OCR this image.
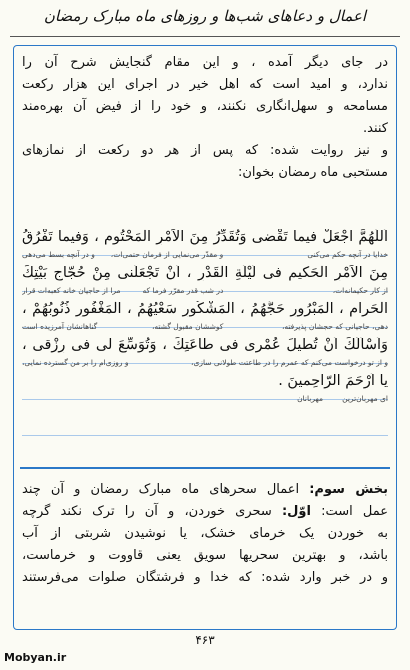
اعمال و دعاهای شب‌ها و روزهای ماه مبارک رمضان

در جای دیگر آمده ، و این مقام گنجایش شرح آن را

ندارد، و امید است که اهل خیر در اجرای این هزار رکعت

مسامحه و سهل‌انگاری نکنند، و خود را از فیض آن بهره‌مند

کنند.

و نیز روایت شده: که پس از هر دو رکعت از نمازهای

مستحبی ماه رمضان بخوان:

اَللّهُمَّ اجْعَلْ فیما تَقْضی وَتُقَدِّرُ مِنَ الاَمْرِ الْمَحْتُومِ ، وَفیما تَفْرُقُ
خدایا در آنچه حکم می‌کنی
و مقدّر می‌نمایی از فرمان حتمی‌ات،
و در آنچه بسط می‌دهی
مِنَ الاَمْرِ الْحَكیمِ فی لَیْلَةِ الْقَدْرِ ، اَنْ تَجْعَلَنی مِنْ حُجّاجِ بَیْتِكَ
از کار حکیمانه‌ات،
در شب قدر مقرّر فرما که
مرا از حاجیان خانه کعبه‌ات قرار
الْحَرامِ ، الْمَبْرُورِ حَجُّهُمُ ، الْمَشْكُورِ سَعْیُهُمُ ، الْمَغْفُورِ ذُنُوبُهُمْ ،
دهی، حاجیانی که حجشان پذیرفته،
کوششان مقبول گشته،
گناهانشان آمرزیده است
وَاَسْاَلُكَ اَنْ تُطیلَ عُمْری فی طاعَتِكَ ، وَتُوَسِّعَ لی فی رِزْقی ،
و از تو درخواست می‌کنم که عمرم را در طاعتت طولانی سازی،
و روزی‌ام را بر من گسترده نمایی،
یا اَرْحَمَ الرّاحِمینَ .
ای مهربان‌ترین
مهربانان

بخش سوم: اعمال سحرهای ماه مبارک رمضان و آن چند

عمل است: اوّل: سحری خوردن، و آن را ترک نکند گرچه

به خوردن یک خرمای خشک، یا نوشیدن شربتی از آب

باشد، و بهترین سحریها سویق یعنی قاووت و خرماست،

و در خبر وارد شده: که خدا و فرشتگان صلوات می‌فرستند

۴۶۳
Mobyan.ir
